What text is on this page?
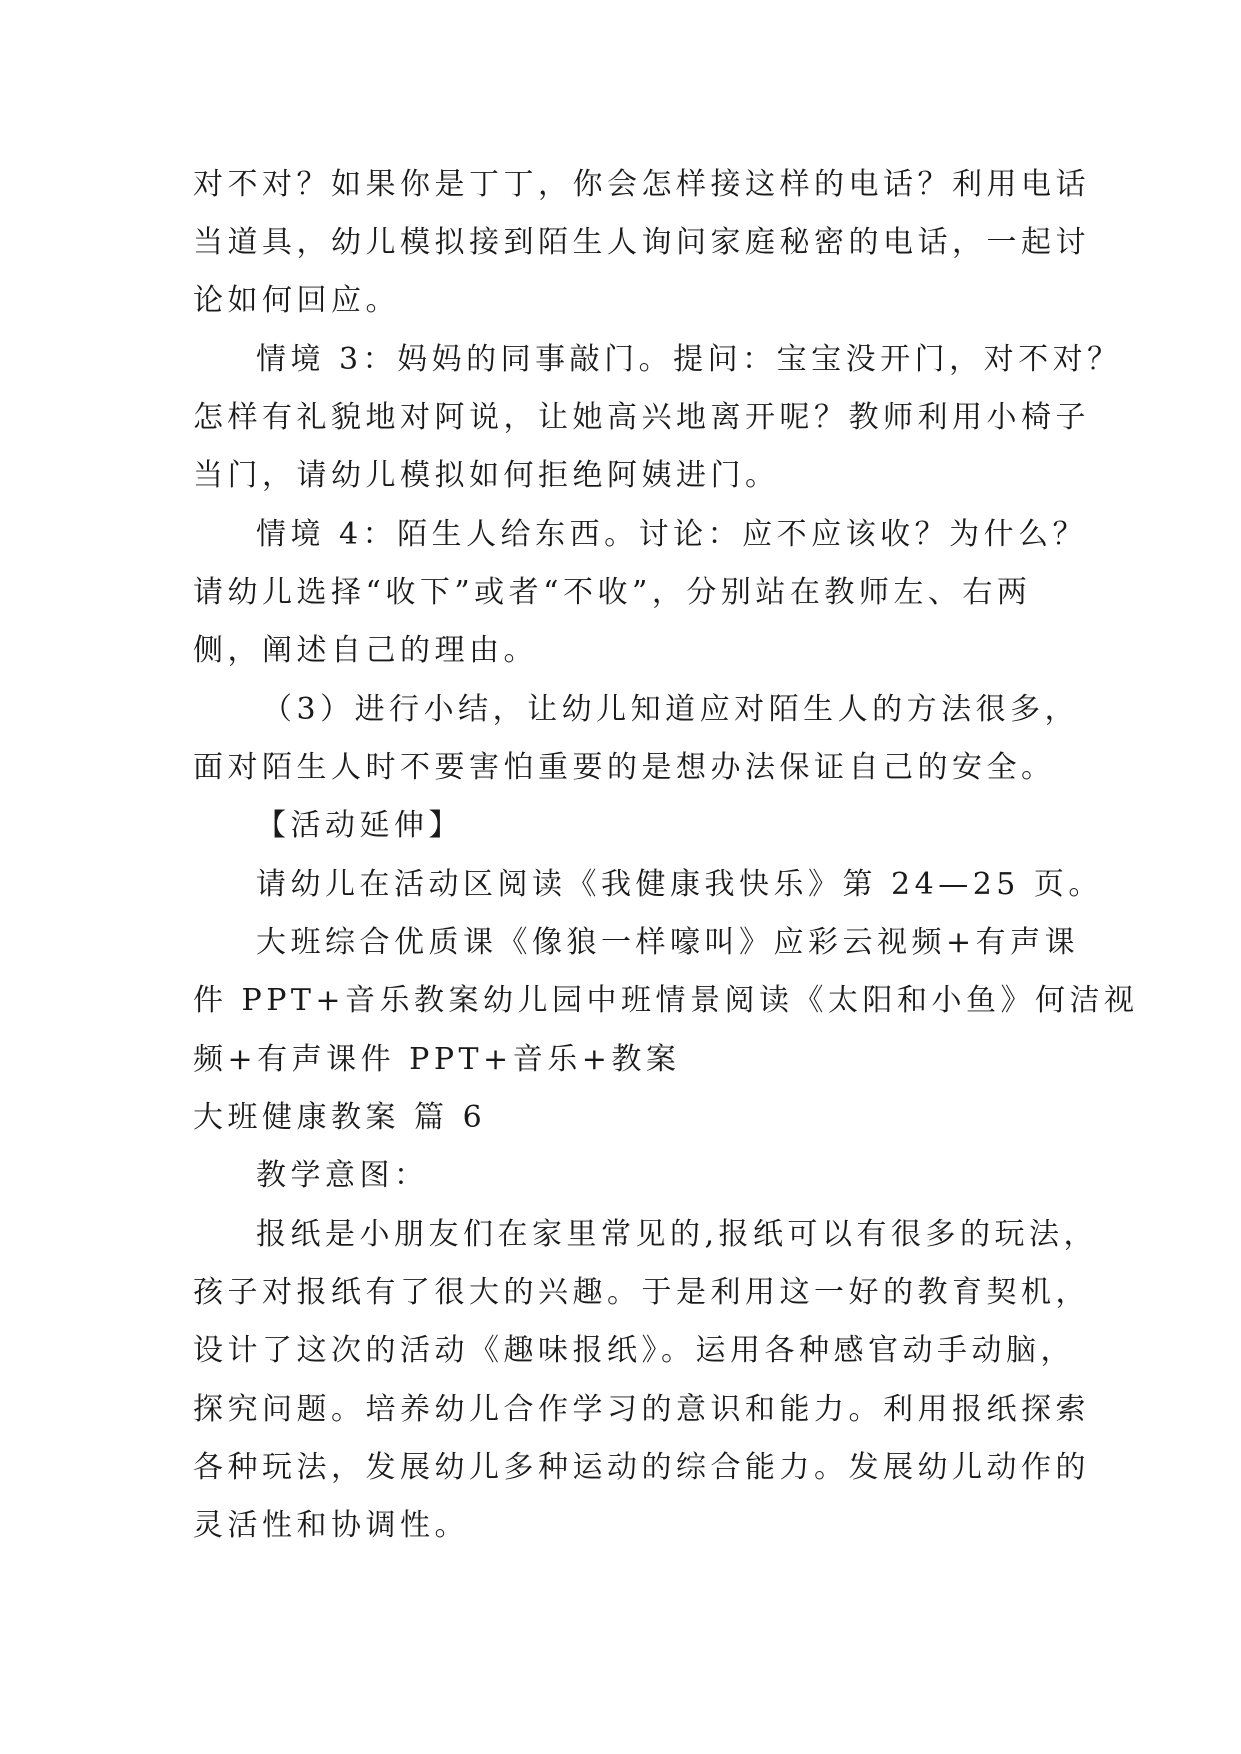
对不对？如果你是丁丁，你会怎样接这样的电话？利用电话
当道具，幼儿模拟接到陌生人询问家庭秘密的电话，一起讨
论如何回应。
情境 3：妈妈的同事敲门。提问：宝宝没开门，对不对？
怎样有礼貌地对阿说，让她高兴地离开呢？教师利用小椅子
当门，请幼儿模拟如何拒绝阿姨进门。
情境 4：陌生人给东西。讨论：应不应该收？为什么？
请幼儿选择“收下”或者“不收”，分别站在教师左、右两
侧，阐述自己的理由。
（3）进行小结，让幼儿知道应对陌生人的方法很多，
面对陌生人时不要害怕重要的是想办法保证自己的安全。
【活动延伸】
请幼儿在活动区阅读《我健康我快乐》第 24—25 页。
大班综合优质课《像狼一样嚎叫》应彩云视频+有声课
件 PPT+音乐教案幼儿园中班情景阅读《太阳和小鱼》何洁视
频+有声课件 PPT+音乐+教案
大班健康教案 篇 6
教学意图：
报纸是小朋友们在家里常见的,报纸可以有很多的玩法，
孩子对报纸有了很大的兴趣。于是利用这一好的教育契机，
设计了这次的活动《趣味报纸》。运用各种感官动手动脑，
探究问题。培养幼儿合作学习的意识和能力。利用报纸探索
各种玩法，发展幼儿多种运动的综合能力。发展幼儿动作的
灵活性和协调性。
